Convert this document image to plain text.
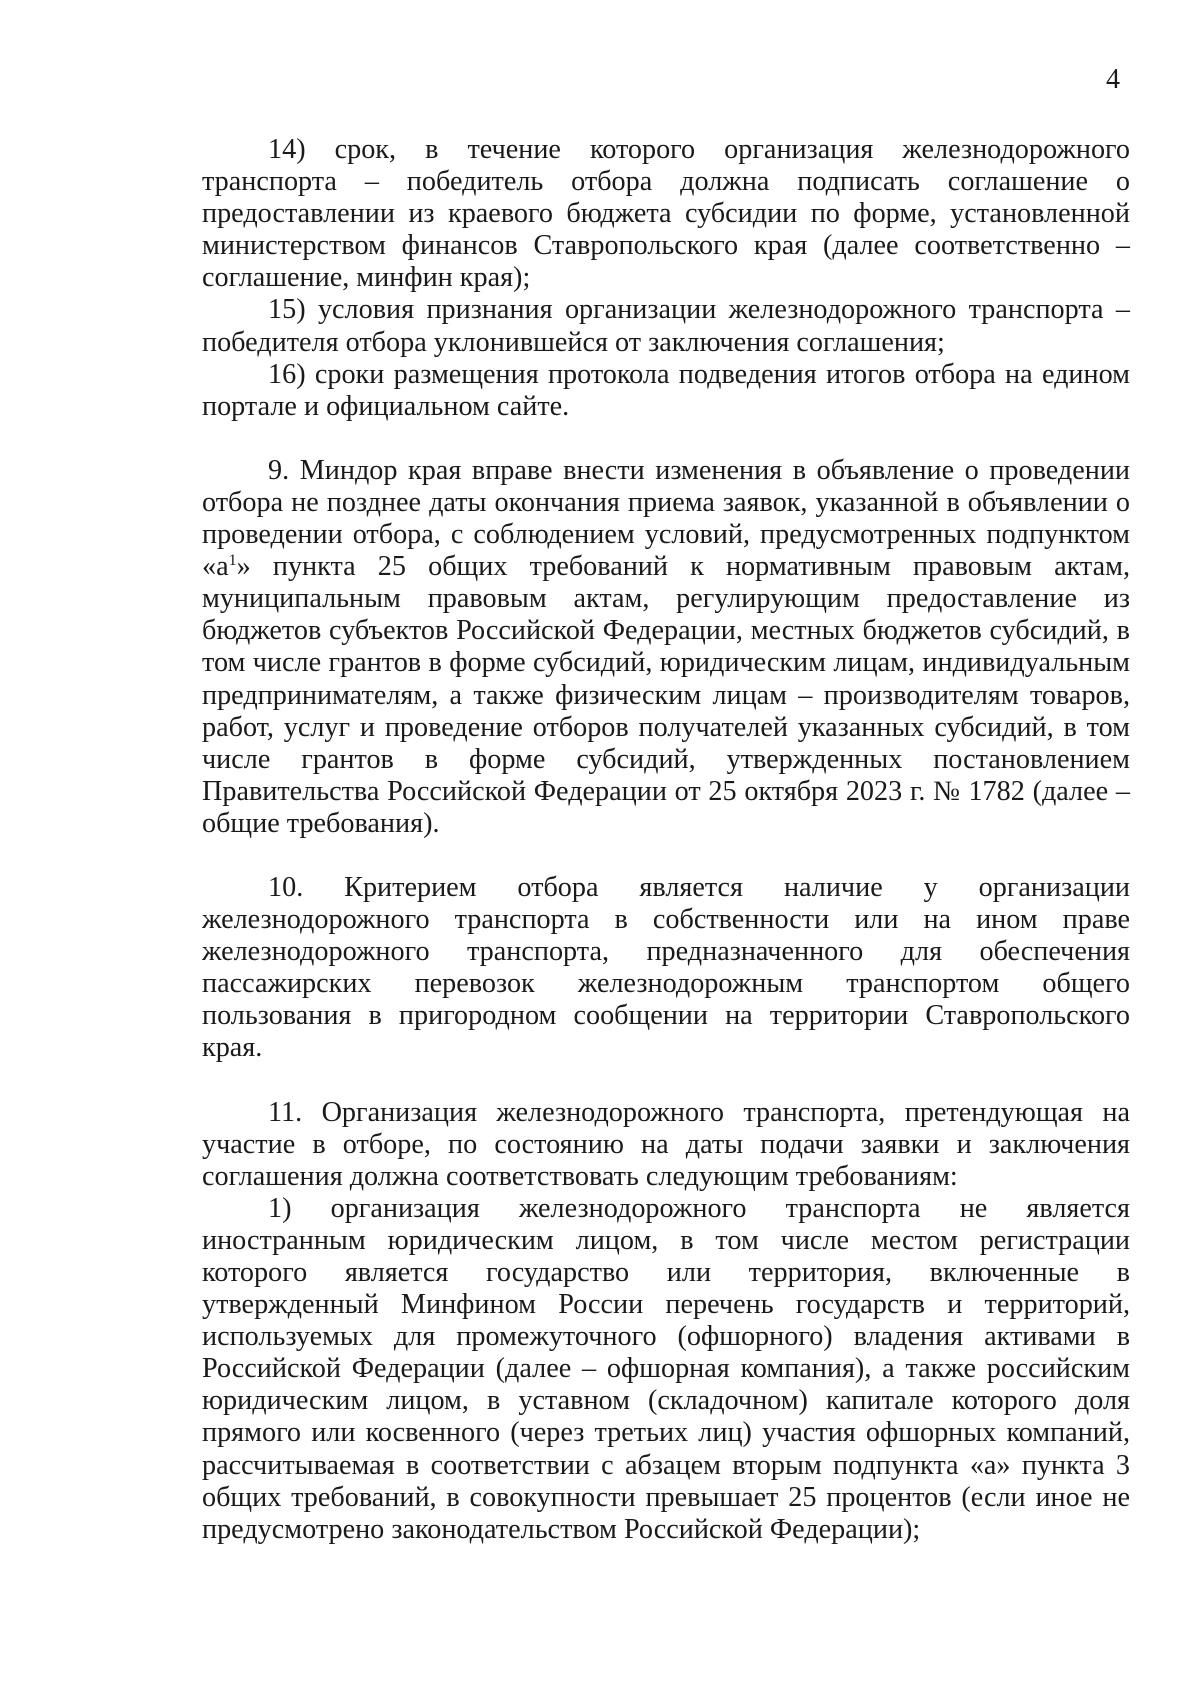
4

14) срок, в течение которого организация железнодорожного транспорта – победитель отбора должна подписать соглашение о предоставлении из краевого бюджета субсидии по форме, установленной министерством финансов Ставропольского края (далее соответственно – соглашение, минфин края);

15) условия признания организации железнодорожного транспорта – победителя отбора уклонившейся от заключения соглашения;

16) сроки размещения протокола подведения итогов отбора на едином портале и официальном сайте.

9. Миндор края вправе внести изменения в объявление о проведении отбора не позднее даты окончания приема заявок, указанной в объявлении о проведении отбора, с соблюдением условий, предусмотренных подпунктом «$а^1$» пункта 25 общих требований к нормативным правовым актам, муниципальным правовым актам, регулирующим предоставление из бюджетов субъектов Российской Федерации, местных бюджетов субсидий, в том числе грантов в форме субсидий, юридическим лицам, индивидуальным предпринимателям, а также физическим лицам – производителям товаров, работ, услуг и проведение отборов получателей указанных субсидий, в том числе грантов в форме субсидий, утвержденных постановлением Правительства Российской Федерации от 25 октября 2023 г. № 1782 (далее – общие требования).

10. Критерием отбора является наличие у организации железнодорожного транспорта в собственности или на ином праве железнодорожного транспорта, предназначенного для обеспечения пассажирских перевозок железнодорожным транспортом общего пользования в пригородном сообщении на территории Ставропольского края.

11. Организация железнодорожного транспорта, претендующая на участие в отборе, по состоянию на даты подачи заявки и заключения соглашения должна соответствовать следующим требованиям:

1) организация железнодорожного транспорта не является иностранным юридическим лицом, в том числе местом регистрации которого является государство или территория, включенные в утвержденный Минфином России перечень государств и территорий, используемых для промежуточного (офшорного) владения активами в Российской Федерации (далее – офшорная компания), а также российским юридическим лицом, в уставном (складочном) капитале которого доля прямого или косвенного (через третьих лиц) участия офшорных компаний, рассчитываемая в соответствии с абзацем вторым подпункта «а» пункта 3 общих требований, в совокупности превышает 25 процентов (если иное не предусмотрено законодательством Российской Федерации);
